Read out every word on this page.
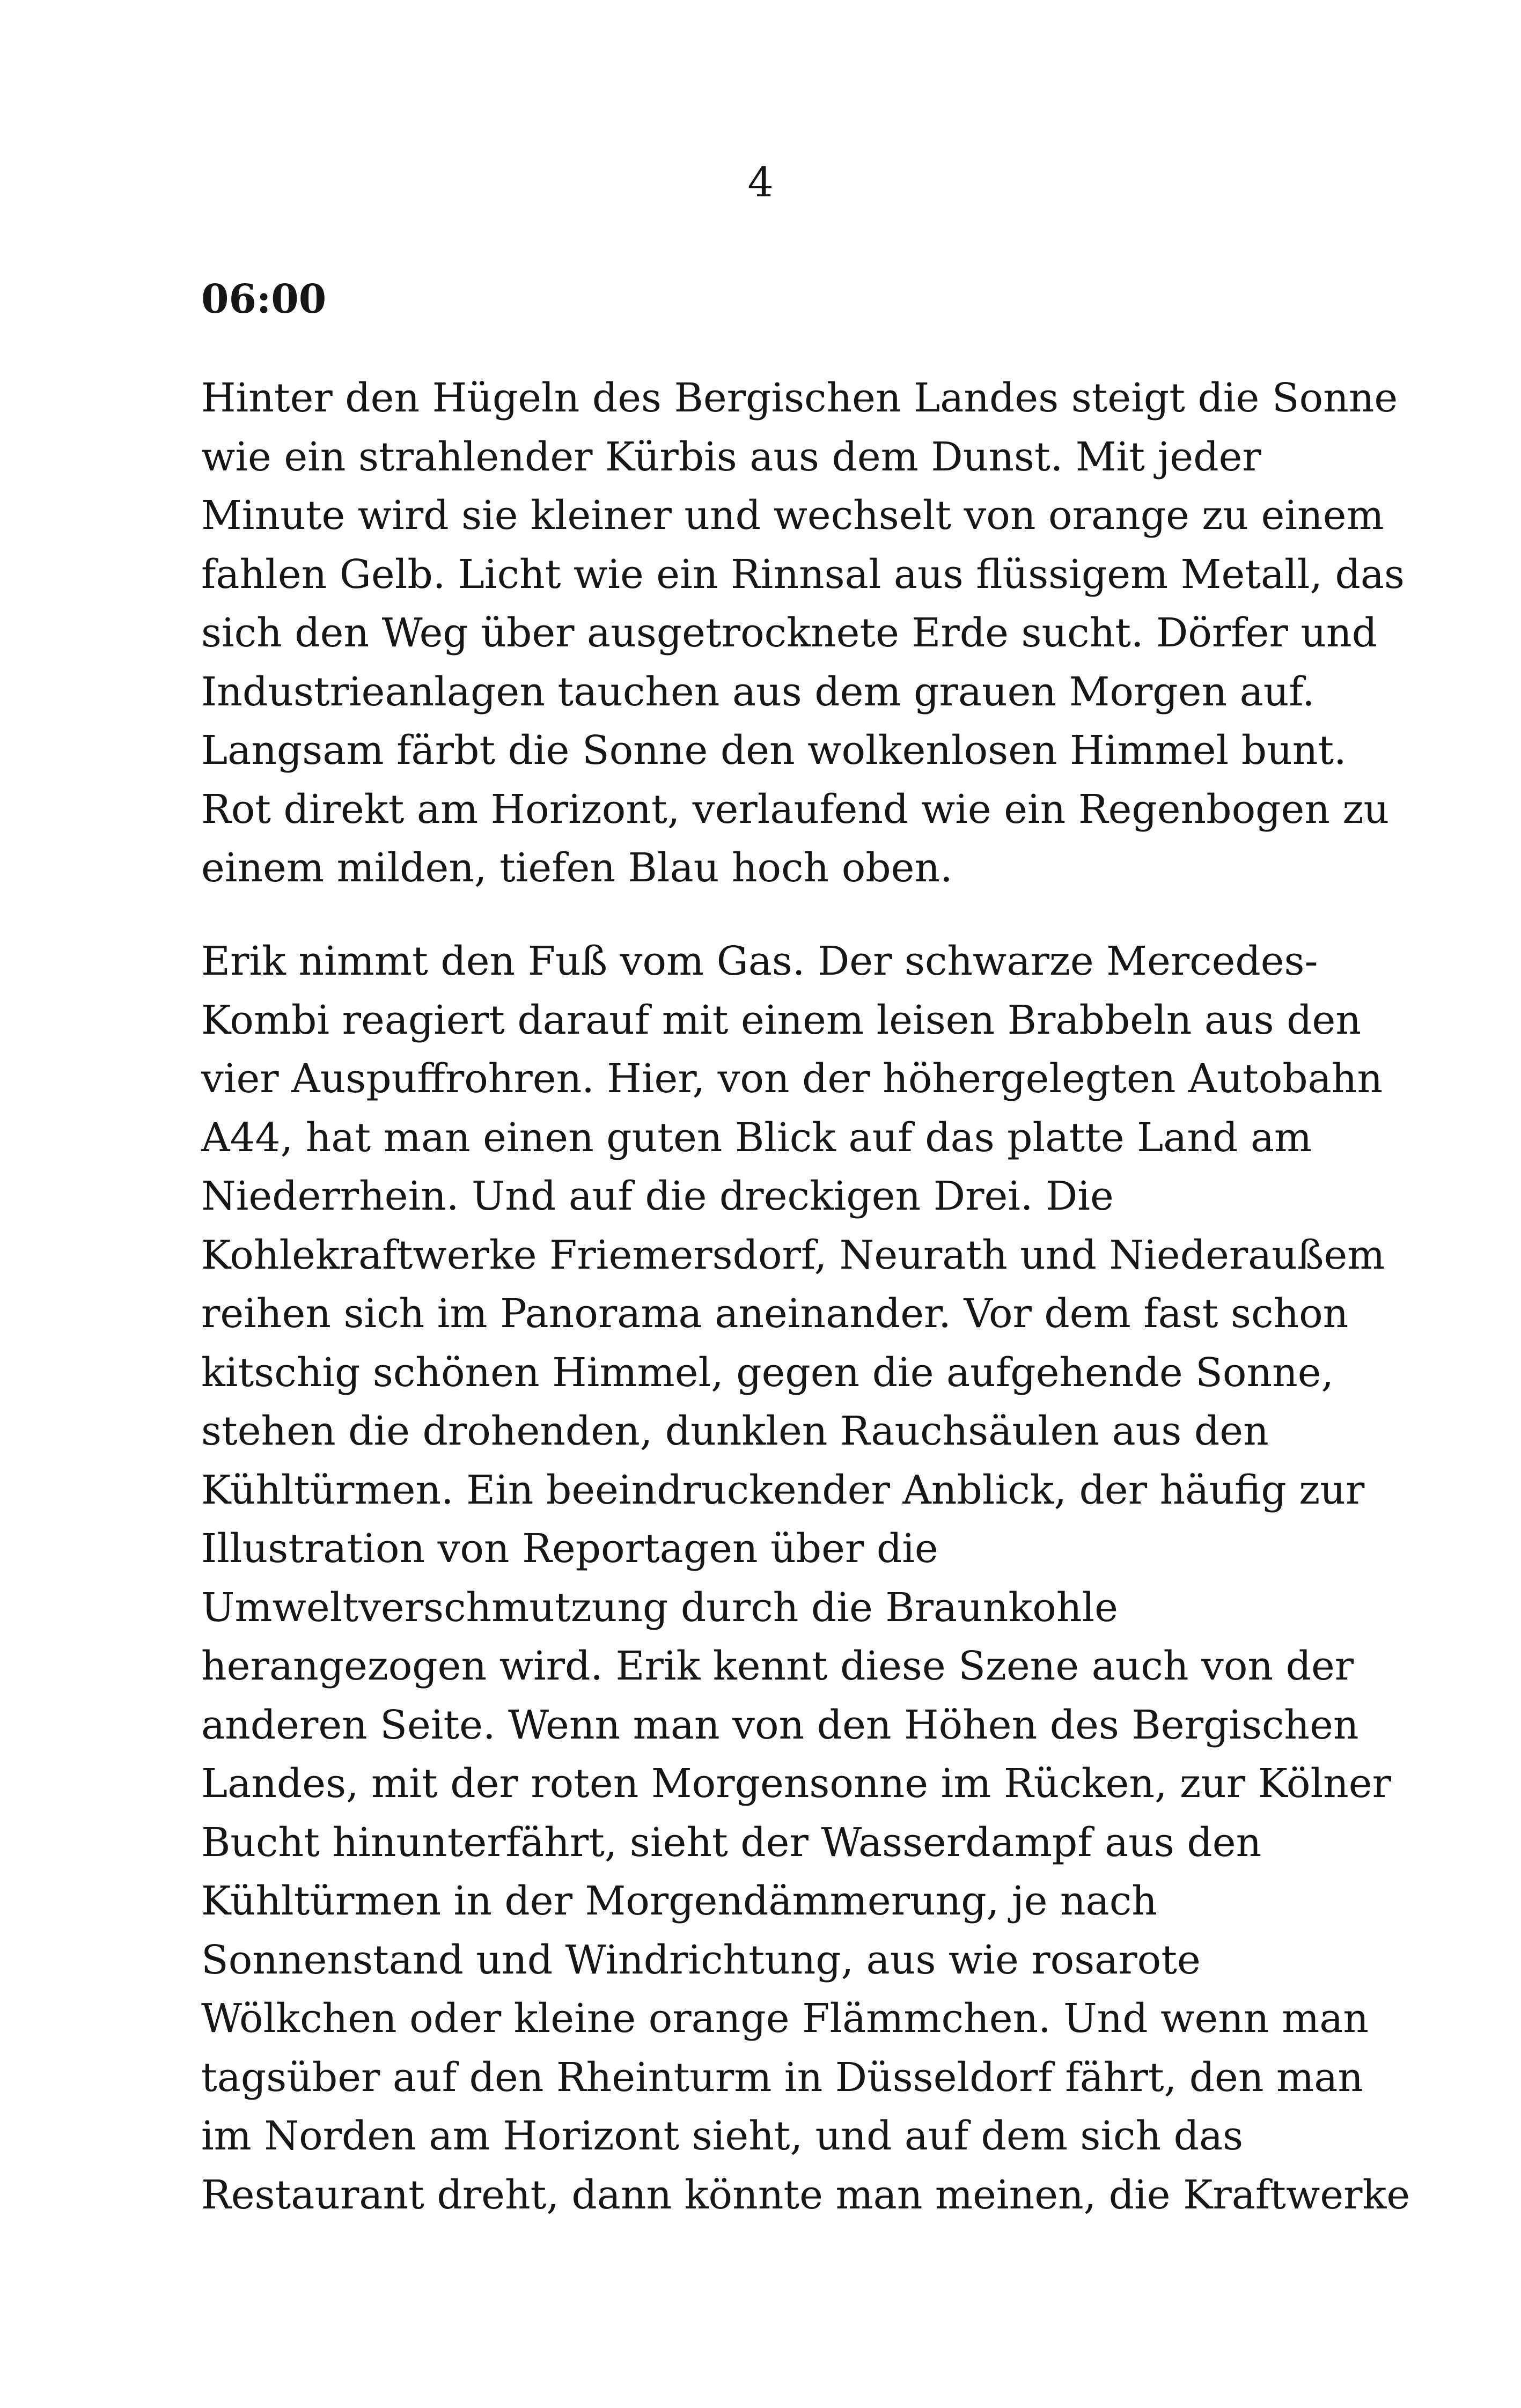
4
06:00

Hinter den Hügeln des Bergischen Landes steigt die Sonne
wie ein strahlender Kürbis aus dem Dunst. Mit jeder
Minute wird sie kleiner und wechselt von orange zu einem
fahlen Gelb. Licht wie ein Rinnsal aus flüssigem Metall, das
sich den Weg über ausgetrocknete Erde sucht. Dörfer und
Industrieanlagen tauchen aus dem grauen Morgen auf.
Langsam färbt die Sonne den wolkenlosen Himmel bunt.
Rot direkt am Horizont, verlaufend wie ein Regenbogen zu
einem milden, tiefen Blau hoch oben.

Erik nimmt den Fuß vom Gas. Der schwarze Mercedes-
Kombi reagiert darauf mit einem leisen Brabbeln aus den
vier Auspuffrohren. Hier, von der höhergelegten Autobahn
A44, hat man einen guten Blick auf das platte Land am
Niederrhein. Und auf die dreckigen Drei. Die
Kohlekraftwerke Friemersdorf, Neurath und Niederaußem
reihen sich im Panorama aneinander. Vor dem fast schon
kitschig schönen Himmel, gegen die aufgehende Sonne,
stehen die drohenden, dunklen Rauchsäulen aus den
Kühltürmen. Ein beeindruckender Anblick, der häufig zur
Illustration von Reportagen über die
Umweltverschmutzung durch die Braunkohle
herangezogen wird. Erik kennt diese Szene auch von der
anderen Seite. Wenn man von den Höhen des Bergischen
Landes, mit der roten Morgensonne im Rücken, zur Kölner
Bucht hinunterfährt, sieht der Wasserdampf aus den
Kühltürmen in der Morgendämmerung, je nach
Sonnenstand und Windrichtung, aus wie rosarote
Wölkchen oder kleine orange Flämmchen. Und wenn man
tagsüber auf den Rheinturm in Düsseldorf fährt, den man
im Norden am Horizont sieht, und auf dem sich das
Restaurant dreht, dann könnte man meinen, die Kraftwerke
